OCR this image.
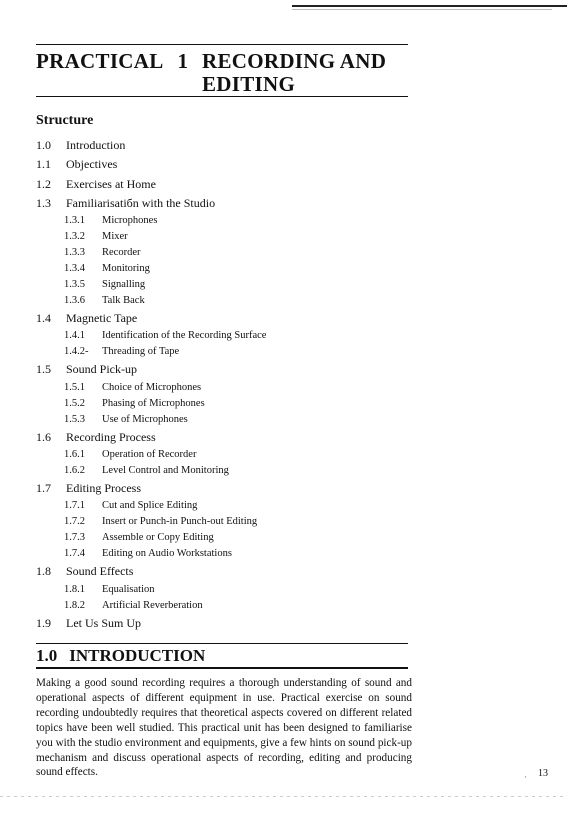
PRACTICAL 1 RECORDING AND
EDITING
Structure
1.0 Introduction
1.1 Objectives
1.2 Exercises at Home
1.3 Familiarisatiбn with the Studio
1.3.1 Microphones
1.3.2 Mixer
1.3.3 Recorder
1.3.4 Monitoring
1.3.5 Signalling
1.3.6 Talk Back
1.4 Magnetic Tape
1.4.1 Identification of the Recording Surface
1.4.2- Threading of Tape
1.5 Sound Pick-up
1.5.1 Choice of Microphones
1.5.2 Phasing of Microphones
1.5.3 Use of Microphones
1.6 Recording Process
1.6.1 Operation of Recorder
1.6.2 Level Control and Monitoring
1.7 Editing Process
1.7.1 Cut and Splice Editing
1.7.2 Insert or Punch-in Punch-out Editing
1.7.3 Assemble or Copy Editing
1.7.4 Editing on Audio Workstations
1.8 Sound Effects
1.8.1 Equalisation
1.8.2 Artificial Reverberation
1.9 Let Us Sum Up
1.0 INTRODUCTION
Making a good sound recording requires a thorough understanding of sound and operational aspects of different equipment in use. Practical exercise on sound recording undoubtedly requires that theoretical aspects covered on different related topics have been well studied. This practical unit has been designed to familiarise you with the studio environment and equipments, give a few hints on sound pick-up mechanism and discuss operational aspects of recording, editing and producing sound effects.	· 13
